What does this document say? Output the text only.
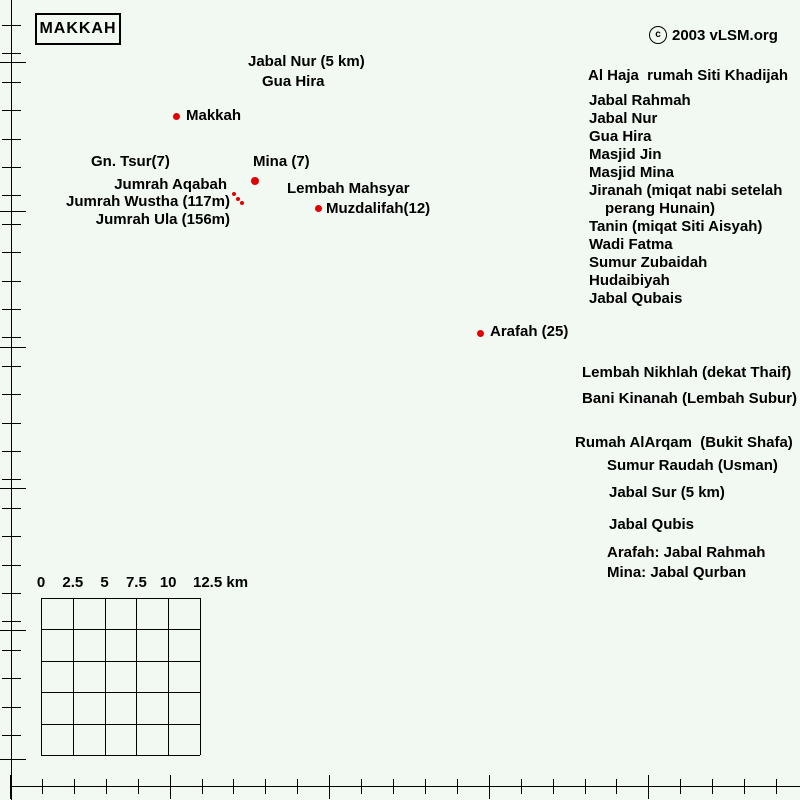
MAKKAH	c 2003 vLSM.org
Jabal Nur (5 km)
Gua Hira
Makkah
Gn. Tsur(7)	Mina (7)
Jumrah Aqabah
Jumrah Wustha (117m)
Jumrah Ula (156m)
Lembah Mahsyar
Muzdalifah(12)
Arafah (25)
Al Haja  rumah Siti Khadijah
Jabal Rahmah
Jabal Nur
Gua Hira
Masjid Jin
Masjid Mina
Jiranah (miqat nabi setelah
perang Hunain)
Tanin (miqat Siti Aisyah)
Wadi Fatma
Sumur Zubaidah
Hudaibiyah
Jabal Qubais
Lembah Nikhlah (dekat Thaif)
Bani Kinanah (Lembah Subur)
Rumah AlArqam  (Bukit Shafa)
Sumur Raudah (Usman)
Jabal Sur (5 km)
Jabal Qubis
Arafah: Jabal Rahmah
Mina: Jabal Qurban
0 2.5 5 7.5 10 12.5 km
